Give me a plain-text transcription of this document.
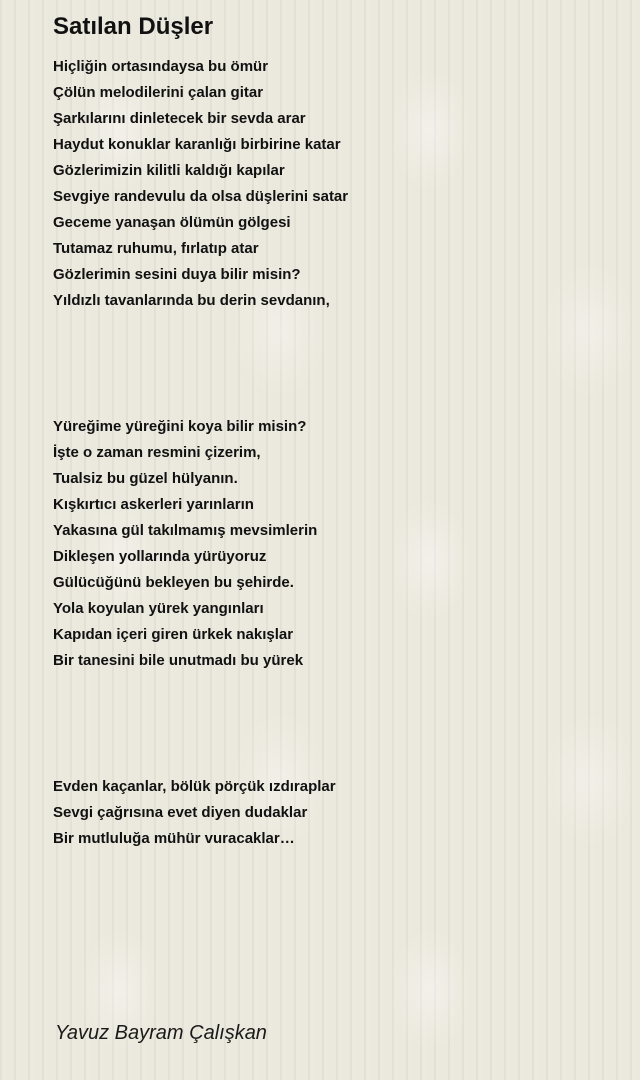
Satılan Düşler
Hiçliğin ortasındaysa bu ömür
Çölün melodilerini çalan gitar
Şarkılarını dinletecek bir sevda arar
Haydut konuklar karanlığı birbirine katar
Gözlerimizin kilitli kaldığı kapılar
Sevgiye randevulu da olsa düşlerini satar
Geceme yanaşan ölümün gölgesi
Tutamaz ruhumu, fırlatıp atar
Gözlerimin sesini duya bilir misin?
Yıldızlı tavanlarında bu derin sevdanın,
Yüreğime yüreğini koya bilir misin?
İşte o zaman resmini çizerim,
Tualsiz bu güzel hülyanın.
Kışkırtıcı askerleri yarınların
Yakasına gül takılmamış mevsimlerin
Dikleşen yollarında yürüyoruz
Gülücüğünü bekleyen bu şehirde.
Yola koyulan yürek yangınları
Kapıdan içeri giren ürkek nakışlar
Bir tanesini bile unutmadı bu yürek
Evden kaçanlar, bölük pörçük ızdıraplar
Sevgi çağrısına evet diyen dudaklar
Bir mutluluğa mühür vuracaklar…

Yavuz Bayram Çalışkan
